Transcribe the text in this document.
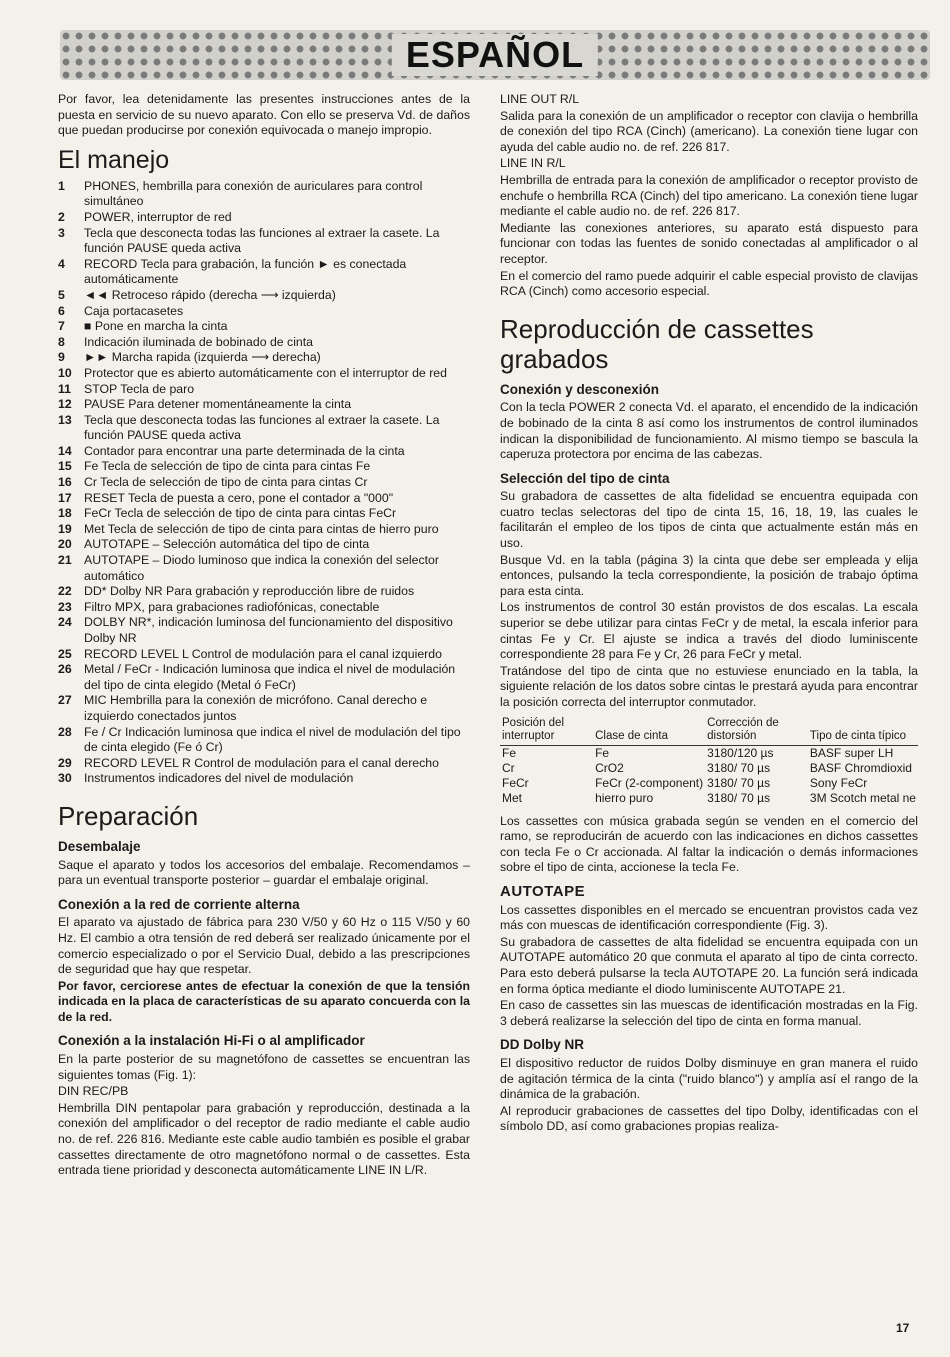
ESPAÑOL

Por favor, lea detenidamente las presentes instrucciones antes de la puesta en servicio de su nuevo aparato. Con ello se preserva Vd. de daños que puedan producirse por conexión equivocada o manejo impropio.

El manejo
1	PHONES, hembrilla para conexión de auriculares para control simultáneo
2	POWER, interruptor de red
3	Tecla que desconecta todas las funciones al extraer la casete. La función PAUSE queda activa
4	RECORD Tecla para grabación, la función ► es conectada automáticamente
5	◄◄ Retroceso rápido (derecha ⟶ izquierda)
6	Caja portacasetes
7	■ Pone en marcha la cinta
8	Indicación iluminada de bobinado de cinta
9	►► Marcha rapida (izquierda ⟶ derecha)
10	Protector que es abierto automáticamente con el interruptor de red
11	STOP Tecla de paro
12	PAUSE Para detener momentáneamente la cinta
13	Tecla que desconecta todas las funciones al extraer la casete. La función PAUSE queda activa
14	Contador para encontrar una parte determinada de la cinta
15	Fe Tecla de selección de tipo de cinta para cintas Fe
16	Cr Tecla de selección de tipo de cinta para cintas Cr
17	RESET Tecla de puesta a cero, pone el contador a "000"
18	FeCr Tecla de selección de tipo de cinta para cintas FeCr
19	Met Tecla de selección de tipo de cinta para cintas de hierro puro
20	AUTOTAPE – Selección automática del tipo de cinta
21	AUTOTAPE – Diodo luminoso que indica la conexión del selector automático
22	DD* Dolby NR Para grabación y reproducción libre de ruidos
23	Filtro MPX, para grabaciones radiofónicas, conectable
24	DOLBY NR*, indicación luminosa del funcionamiento del dispositivo Dolby NR
25	RECORD LEVEL L Control de modulación para el canal izquierdo
26	Metal / FeCr - Indicación luminosa que indica el nivel de modulación del tipo de cinta elegido (Metal ó FeCr)
27	MIC Hembrilla para la conexión de micrófono. Canal derecho e izquierdo conectados juntos
28	Fe / Cr Indicación luminosa que indica el nivel de modulación del tipo de cinta elegido (Fe ó Cr)
29	RECORD LEVEL R Control de modulación para el canal derecho
30	Instrumentos indicadores del nivel de modulación
Preparación
Desembalaje

Saque el aparato y todos los accesorios del embalaje. Recomendamos – para un eventual transporte posterior – guardar el embalaje original.

Conexión a la red de corriente alterna

El aparato va ajustado de fábrica para 230 V/50 y 60 Hz o 115 V/50 y 60 Hz. El cambio a otra tensión de red deberá ser realizado únicamente por el comercio especializado o por el Servicio Dual, debido a las prescripciones de seguridad que hay que respetar.

Por favor, cerciorese antes de efectuar la conexión de que la tensión indicada en la placa de características de su aparato concuerda con la de la red.

Conexión a la instalación Hi-Fi o al amplificador

En la parte posterior de su magnetófono de cassettes se encuentran las siguientes tomas (Fig. 1):

DIN REC/PB

Hembrilla DIN pentapolar para grabación y reproducción, destinada a la conexión del amplificador o del receptor de radio mediante el cable audio no. de ref. 226 816. Mediante este cable audio también es posible el grabar cassettes directamente de otro magnetófono normal o de cassettes. Esta entrada tiene prioridad y desconecta automáticamente LINE IN L/R.

LINE OUT R/L

Salida para la conexión de un amplificador o receptor con clavija o hembrilla de conexión del tipo RCA (Cinch) (americano). La conexión tiene lugar con ayuda del cable audio no. de ref. 226 817.

LINE IN R/L

Hembrilla de entrada para la conexión de amplificador o receptor provisto de enchufe o hembrilla RCA (Cinch) del tipo americano. La conexión tiene lugar mediante el cable audio no. de ref. 226 817.

Mediante las conexiones anteriores, su aparato está dispuesto para funcionar con todas las fuentes de sonido conectadas al amplificador o al receptor.

En el comercio del ramo puede adquirir el cable especial provisto de clavijas RCA (Cinch) como accesorio especial.

Reproducción de cassettes grabados
Conexión y desconexión

Con la tecla POWER 2 conecta Vd. el aparato, el encendido de la indicación de bobinado de la cinta 8 así como los instrumentos de control iluminados indican la disponibilidad de funcionamiento. Al mismo tiempo se bascula la caperuza protectora por encima de las cabezas.

Selección del tipo de cinta

Su grabadora de cassettes de alta fidelidad se encuentra equipada con cuatro teclas selectoras del tipo de cinta 15, 16, 18, 19, las cuales le facilitarán el empleo de los tipos de cinta que actualmente están más en uso.

Busque Vd. en la tabla (página 3) la cinta que debe ser empleada y elija entonces, pulsando la tecla correspondiente, la posición de trabajo óptima para esta cinta.

Los instrumentos de control 30 están provistos de dos escalas. La escala superior se debe utilizar para cintas FeCr y de metal, la escala inferior para cintas Fe y Cr. El ajuste se indica a través del diodo luminiscente correspondiente 28 para Fe y Cr, 26 para FeCr y metal.

Tratándose del tipo de cinta que no estuviese enunciado en la tabla, la siguiente relación de los datos sobre cintas le prestará ayuda para encontrar la posición correcta del interruptor conmutador.

Posición del interruptor	Clase de cinta	Corrección de distorsión	Tipo de cinta típico
Fe	Fe	3180/120 µs	BASF super LH
Cr	CrO2	3180/ 70 µs	BASF Chromdioxid
FeCr	FeCr (2-component)	3180/ 70 µs	Sony FeCr
Met	hierro puro	3180/ 70 µs	3M Scotch metal ne

Los cassettes con música grabada según se venden en el comercio del ramo, se reproducirán de acuerdo con las indicaciones en dichos cassettes con tecla Fe o Cr accionada. Al faltar la indicación o demás informaciones sobre el tipo de cinta, accionese la tecla Fe.

AUTOTAPE

Los cassettes disponibles en el mercado se encuentran provistos cada vez más con muescas de identificación correspondiente (Fig. 3).

Su grabadora de cassettes de alta fidelidad se encuentra equipada con un AUTOTAPE automático 20 que conmuta el aparato al tipo de cinta correcto. Para esto deberá pulsarse la tecla AUTOTAPE 20. La función será indicada en forma óptica mediante el diodo luminiscente AUTOTAPE 21.

En caso de cassettes sin las muescas de identificación mostradas en la Fig. 3 deberá realizarse la selección del tipo de cinta en forma manual.

DD Dolby NR

El dispositivo reductor de ruidos Dolby disminuye en gran manera el ruido de agitación térmica de la cinta ("ruido blanco") y amplía así el rango de la dinámica de la grabación.

Al reproducir grabaciones de cassettes del tipo Dolby, identificadas con el símbolo DD, así como grabaciones propias realiza-

17
